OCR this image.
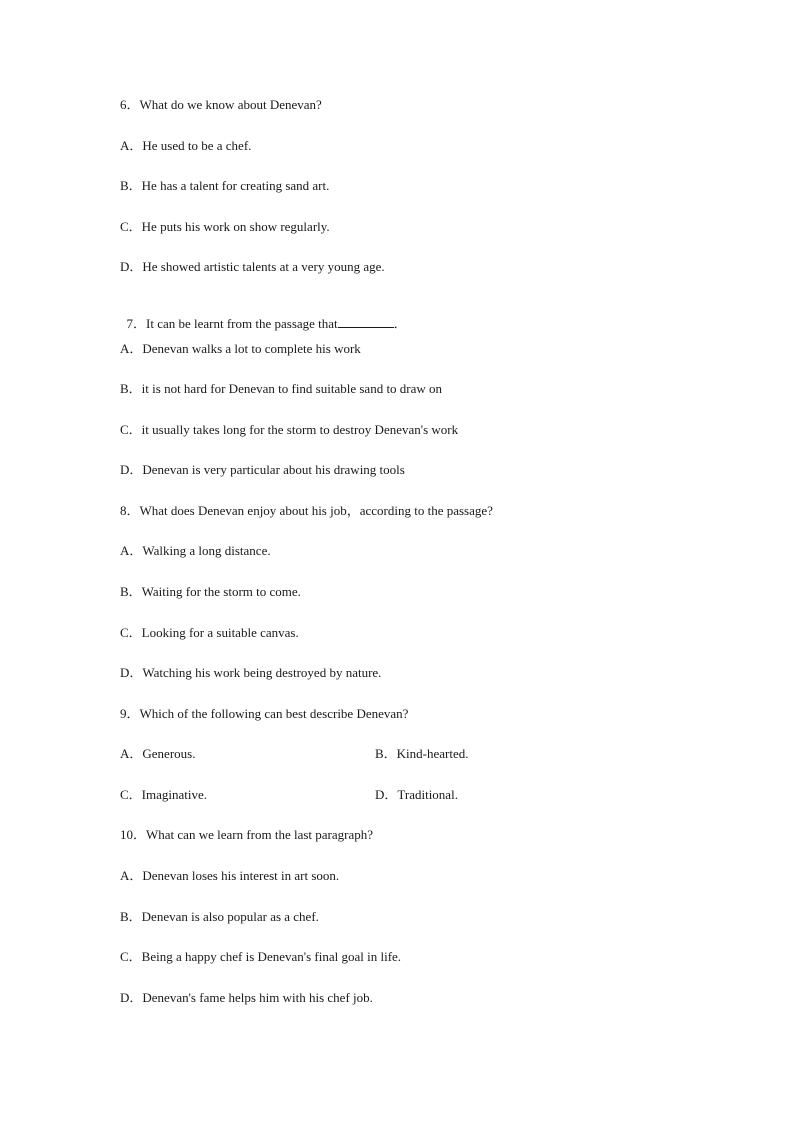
6．What do we know about Denevan?
A．He used to be a chef.
B．He has a talent for creating sand art.
C．He puts his work on show regularly.
D．He showed artistic talents at a very young age.

7．It can be learnt from the passage that	．

A．Denevan walks a lot to complete his work
B．it is not hard for Denevan to find suitable sand to draw on
C．it usually takes long for the storm to destroy Denevan's work
D．Denevan is very particular about his drawing tools
8．What does Denevan enjoy about his job，according to the passage?
A．Walking a long distance.
B．Waiting for the storm to come.
C．Looking for a suitable canvas.
D．Watching his work being destroyed by nature.
9．Which of the following can best describe Denevan?
A．Generous.	B．Kind-hearted.
C．Imaginative.	D．Traditional.
10．What can we learn from the last paragraph?
A．Denevan loses his interest in art soon.
B．Denevan is also popular as a chef.
C．Being a happy chef is Denevan's final goal in life.
D．Denevan's fame helps him with his chef job.
